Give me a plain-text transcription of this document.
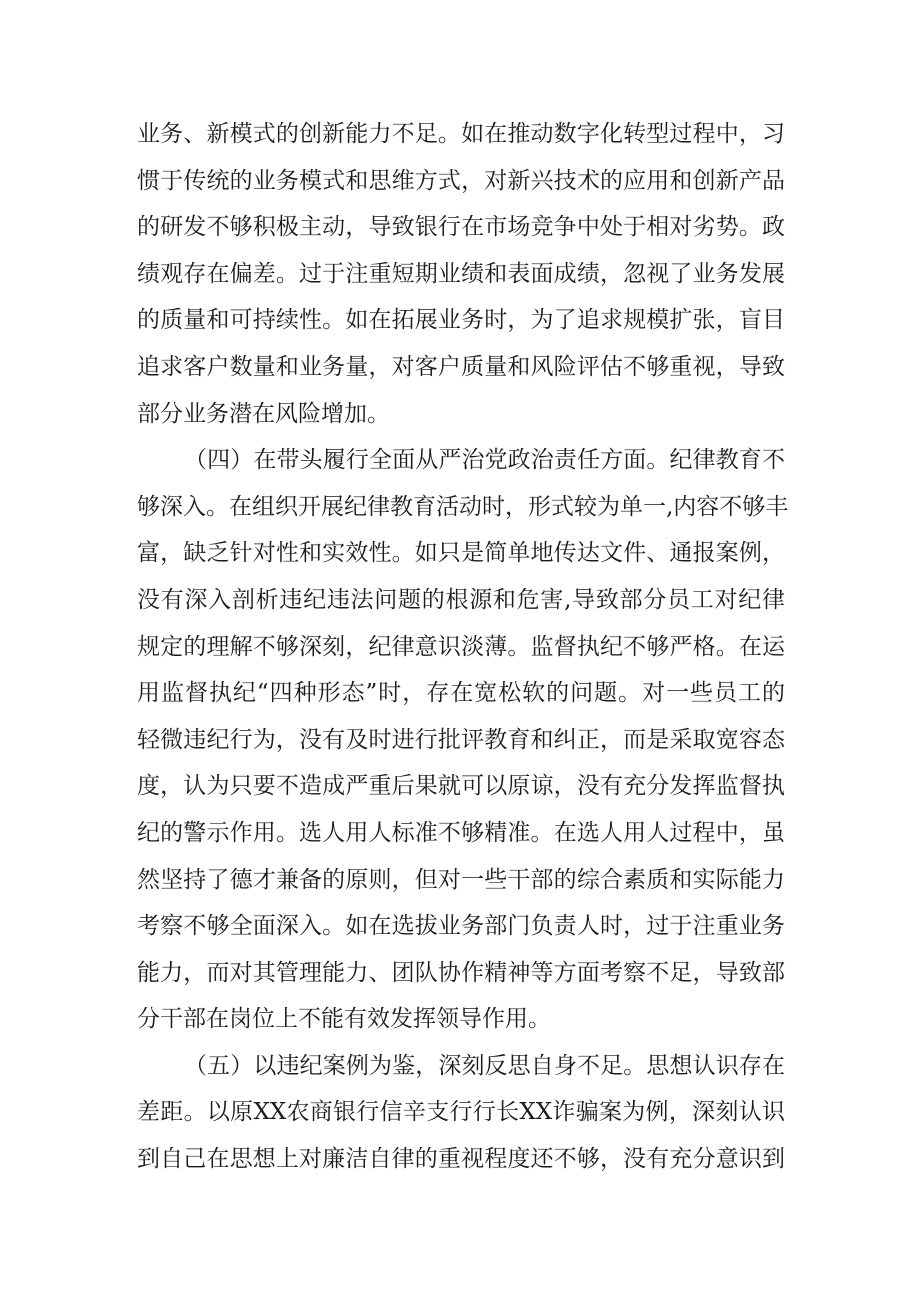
业务、新模式的创新能力不足。如在推动数字化转型过程中，习
惯于传统的业务模式和思维方式，对新兴技术的应用和创新产品
的研发不够积极主动，导致银行在市场竞争中处于相对劣势。政
绩观存在偏差。过于注重短期业绩和表面成绩，忽视了业务发展
的质量和可持续性。如在拓展业务时，为了追求规模扩张，盲目
追求客户数量和业务量，对客户质量和风险评估不够重视，导致
部分业务潜在风险增加。
（四）在带头履行全面从严治党政治责任方面。纪律教育不
够深入。在组织开展纪律教育活动时，形式较为单一,内容不够丰
富，缺乏针对性和实效性。如只是简单地传达文件、通报案例，
没有深入剖析违纪违法问题的根源和危害,导致部分员工对纪律
规定的理解不够深刻，纪律意识淡薄。监督执纪不够严格。在运
用监督执纪“四种形态”时，存在宽松软的问题。对一些员工的
轻微违纪行为，没有及时进行批评教育和纠正，而是采取宽容态
度，认为只要不造成严重后果就可以原谅，没有充分发挥监督执
纪的警示作用。选人用人标准不够精准。在选人用人过程中，虽
然坚持了德才兼备的原则，但对一些干部的综合素质和实际能力
考察不够全面深入。如在选拔业务部门负责人时，过于注重业务
能力，而对其管理能力、团队协作精神等方面考察不足，导致部
分干部在岗位上不能有效发挥领导作用。
（五）以违纪案例为鉴，深刻反思自身不足。思想认识存在
差距。以原XX农商银行信辛支行行长XX诈骗案为例，深刻认识
到自己在思想上对廉洁自律的重视程度还不够，没有充分意识到
